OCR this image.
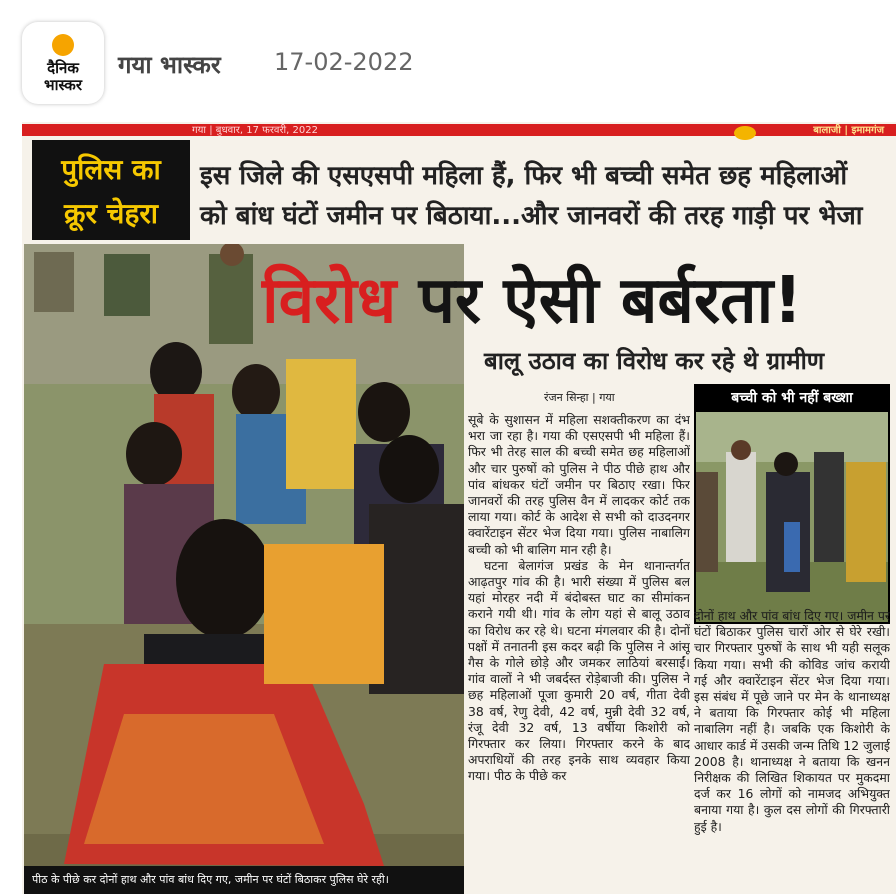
दैनिक
भास्कर
गया भास्कर 17-02-2022
गया | बुधवार, 17 फरवरी, 2022	बालाजी | इमामगंज
पुलिस का
क्रूर चेहरा
इस जिले की एसएसपी महिला हैं, फिर भी बच्ची समेत छह महिलाओं
को बांध घंटों जमीन पर बिठाया...और जानवरों की तरह गाड़ी पर भेजा
पीठ के पीछे कर दोनों हाथ और पांव बांध दिए गए, जमीन पर घंटों बिठाकर पुलिस घेरे रही।
विरोध पर ऐसी बर्बरता!
बालू उठाव का विरोध कर रहे थे ग्रामीण
रंजन सिन्हा | गया

सूबे के सुशासन में महिला सशक्तीकरण का दंभ भरा जा रहा है। गया की एसएसपी भी महिला हैं। फिर भी तेरह साल की बच्ची समेत छह महिलाओं और चार पुरुषों को पुलिस ने पीठ पीछे हाथ और पांव बांधकर घंटों जमीन पर बिठाए रखा। फिर जानवरों की तरह पुलिस वैन में लादकर कोर्ट तक लाया गया। कोर्ट के आदेश से सभी को दाउदनगर क्वारेंटाइन सेंटर भेज दिया गया। पुलिस नाबालिग बच्ची को भी बालिग मान रही है।

घटना बेलागंज प्रखंड के मेन थानान्तर्गत आढ़तपुर गांव की है। भारी संख्या में पुलिस बल यहां मोरहर नदी में बंदोबस्त घाट का सीमांकन कराने गयी थी। गांव के लोग यहां से बालू उठाव का विरोध कर रहे थे। घटना मंगलवार की है। दोनों पक्षों में तनातनी इस कदर बढ़ी कि पुलिस ने आंसू गैस के गोले छोड़े और जमकर लाठियां बरसाईं। गांव वालों ने भी जबर्दस्त रोड़ेबाजी की। पुलिस ने छह महिलाओं पूजा कुमारी 20 वर्ष, गीता देवी 38 वर्ष, रेणु देवी, 42 वर्ष, मुन्नी देवी 32 वर्ष, रंजू देवी 32 वर्ष, 13 वर्षीया किशोरी को गिरफ्तार कर लिया। गिरफ्तार करने के बाद अपराधियों की तरह इनके साथ व्यवहार किया गया। पीठ के पीछे कर

बच्ची को भी नहीं बख्शा

दोनों हाथ और पांव बांध दिए गए। जमीन पर घंटों बिठाकर पुलिस चारों ओर से घेरे रखी। चार गिरफ्तार पुरुषों के साथ भी यही सलूक किया गया। सभी की कोविड जांच करायी गई और क्वारेंटाइन सेंटर भेज दिया गया। इस संबंध में पूछे जाने पर मेन के थानाध्यक्ष ने बताया कि गिरफ्तार कोई भी महिला नाबालिग नहीं है। जबकि एक किशोरी के आधार कार्ड में उसकी जन्म तिथि 12 जुलाई 2008 है। थानाध्यक्ष ने बताया कि खनन निरीक्षक की लिखित शिकायत पर मुकदमा दर्ज कर 16 लोगों को नामजद अभियुक्त बनाया गया है। कुल दस लोगों की गिरफ्तारी हुई है।
